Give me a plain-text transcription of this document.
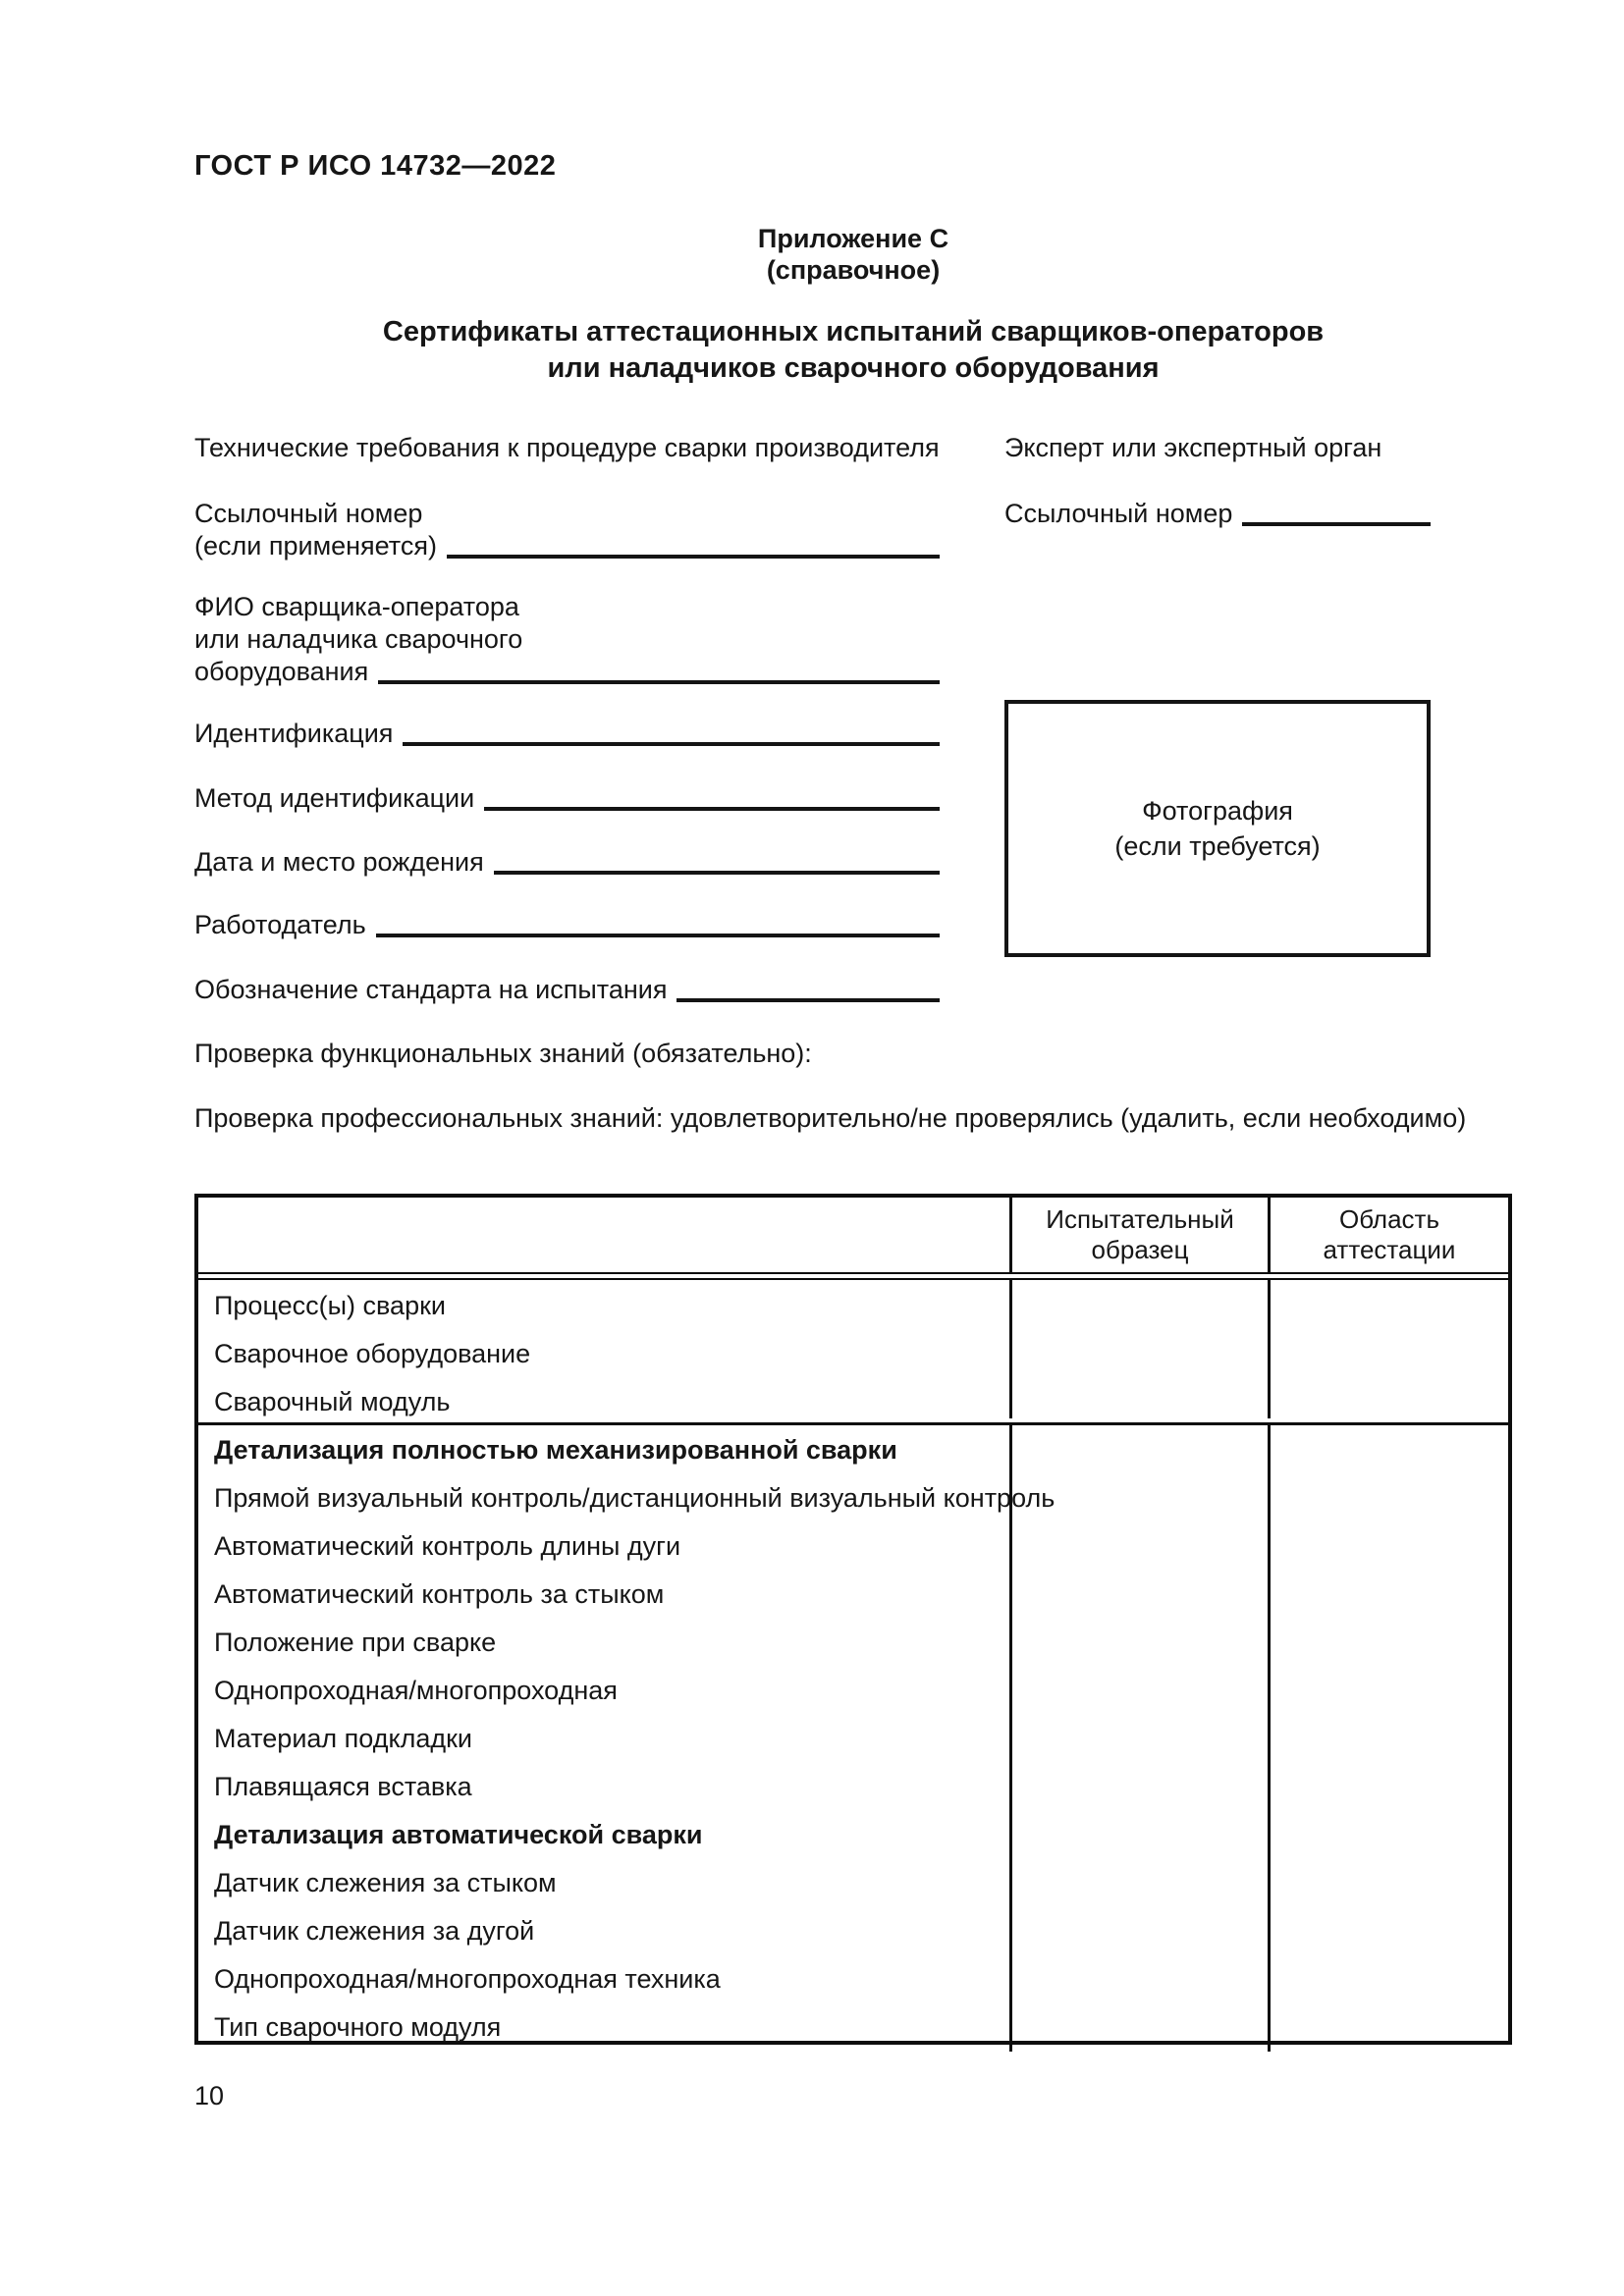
ГОСТ Р ИСО 14732—2022
Приложение С
(справочное)
Сертификаты аттестационных испытаний сварщиков-операторов
или наладчиков сварочного оборудования
Технические требования к процедуре сварки производителя Эксперт или экспертный орган
Ссылочный номер
(если применяется)
Ссылочный номер
ФИО сварщика-оператора
или наладчика сварочного
оборудования
Фотография
(если требуется)
Идентификация
Метод идентификации
Дата и место рождения
Работодатель
Обозначение стандарта на испытания
Проверка функциональных знаний (обязательно):
Проверка профессиональных знаний: удовлетворительно/не проверялись (удалить, если необходимо)
Испытательный образец
Область аттестации
Процесс(ы) сварки
Сварочное оборудование
Сварочный модуль
Детализация полностью механизированной сварки
Прямой визуальный контроль/дистанционный визуальный контроль
Автоматический контроль длины дуги
Автоматический контроль за стыком
Положение при сварке
Однопроходная/многопроходная
Материал подкладки
Плавящаяся вставка
Детализация автоматической сварки
Датчик слежения за стыком
Датчик слежения за дугой
Однопроходная/многопроходная техника
Тип сварочного модуля
10
